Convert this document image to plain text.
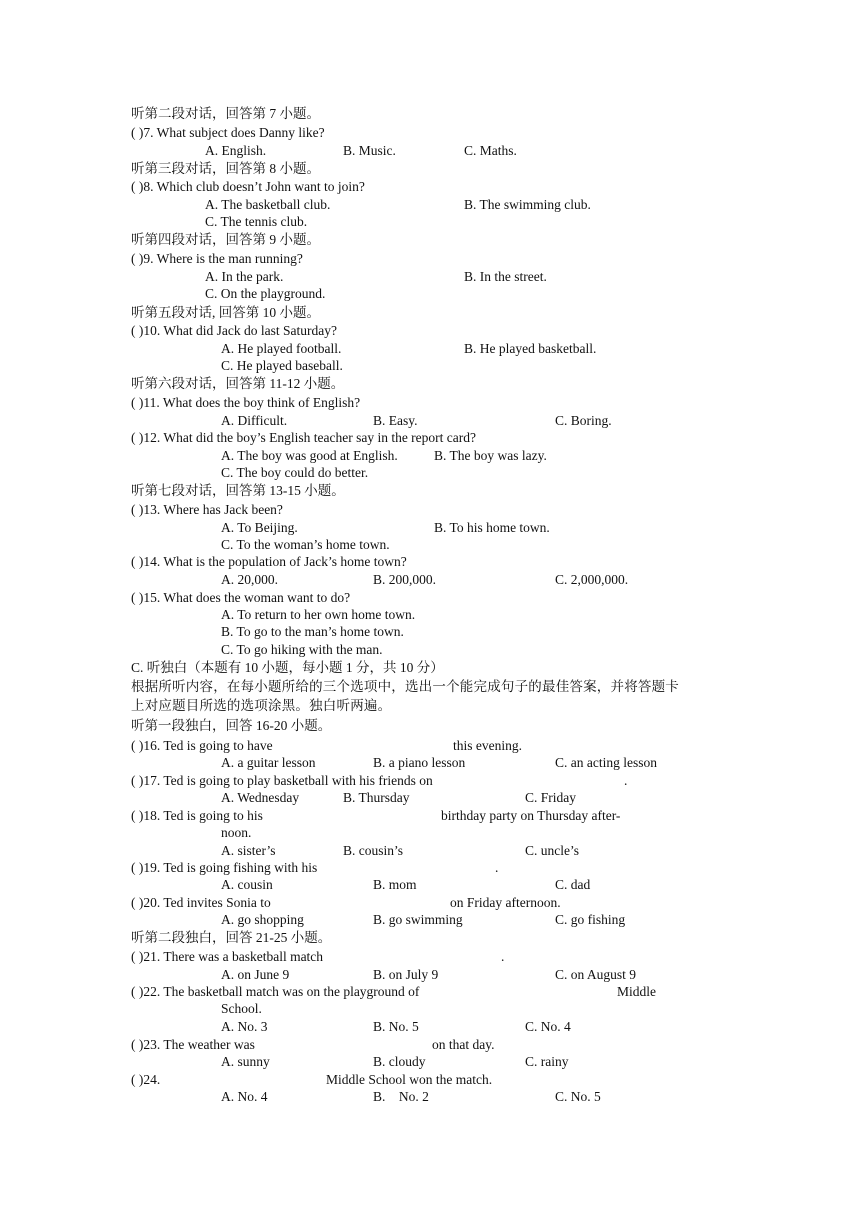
听第二段对话，回答第 7 小题。
( )7. What subject does Danny like?
A. English.	B. Music.	C. Maths.
听第三段对话，回答第 8 小题。
( )8. Which club doesn’t John want to join?
A. The basketball club.	B. The swimming club.
C. The tennis club.
听第四段对话，回答第 9 小题。
( )9. Where is the man running?
A. In the park.	B. In the street.
C. On the playground.
听第五段对话, 回答第 10 小题。
( )10. What did Jack do last Saturday?
A. He played football.	B. He played basketball.
C. He played baseball.
听第六段对话，回答第 11-12 小题。
( )11. What does the boy think of English?
A. Difficult.	B. Easy.	C. Boring.
( )12. What did the boy’s English teacher say in the report card?
A. The boy was good at English.	B. The boy was lazy.
C. The boy could do better.
听第七段对话，回答第 13-15 小题。
( )13. Where has Jack been?
A. To Beijing.	B. To his home town.
C. To the woman’s home town.
( )14. What is the population of Jack’s home town?
A. 20,000.	B. 200,000.	C. 2,000,000.
( )15. What does the woman want to do?
A. To return to her own home town.
B. To go to the man’s home town.
C. To go hiking with the man.
C. 听独白（本题有 10 小题，每小题 1 分，共 10 分）
根据所听内容，在每小题所给的三个选项中，选出一个能完成句子的最佳答案，并将答题卡
上对应题目所选的选项涂黑。独白听两遍。
听第一段独白，回答 16-20 小题。
( )16. Ted is going to have	this evening.
A. a guitar lesson	B. a piano lesson	C. an acting lesson
( )17. Ted is going to play basketball with his friends on	.
A. Wednesday	B. Thursday	C. Friday
( )18. Ted is going to his	birthday party on Thursday after-
noon.
A. sister’s	B. cousin’s	C. uncle’s
( )19. Ted is going fishing with his	.
A. cousin	B. mom	C. dad
( )20. Ted invites Sonia to	on Friday afternoon.
A. go shopping	B. go swimming	C. go fishing
听第二段独白，回答 21-25 小题。
( )21. There was a basketball match	.
A. on June 9	B. on July 9	C. on August 9
( )22. The basketball match was on the playground of	Middle
School.
A. No. 3	B. No. 5	C. No. 4
( )23. The weather was	on that day.
A. sunny	B. cloudy	C. rainy
( )24.	Middle School won the match.
A. No. 4	B.    No. 2	C. No. 5
